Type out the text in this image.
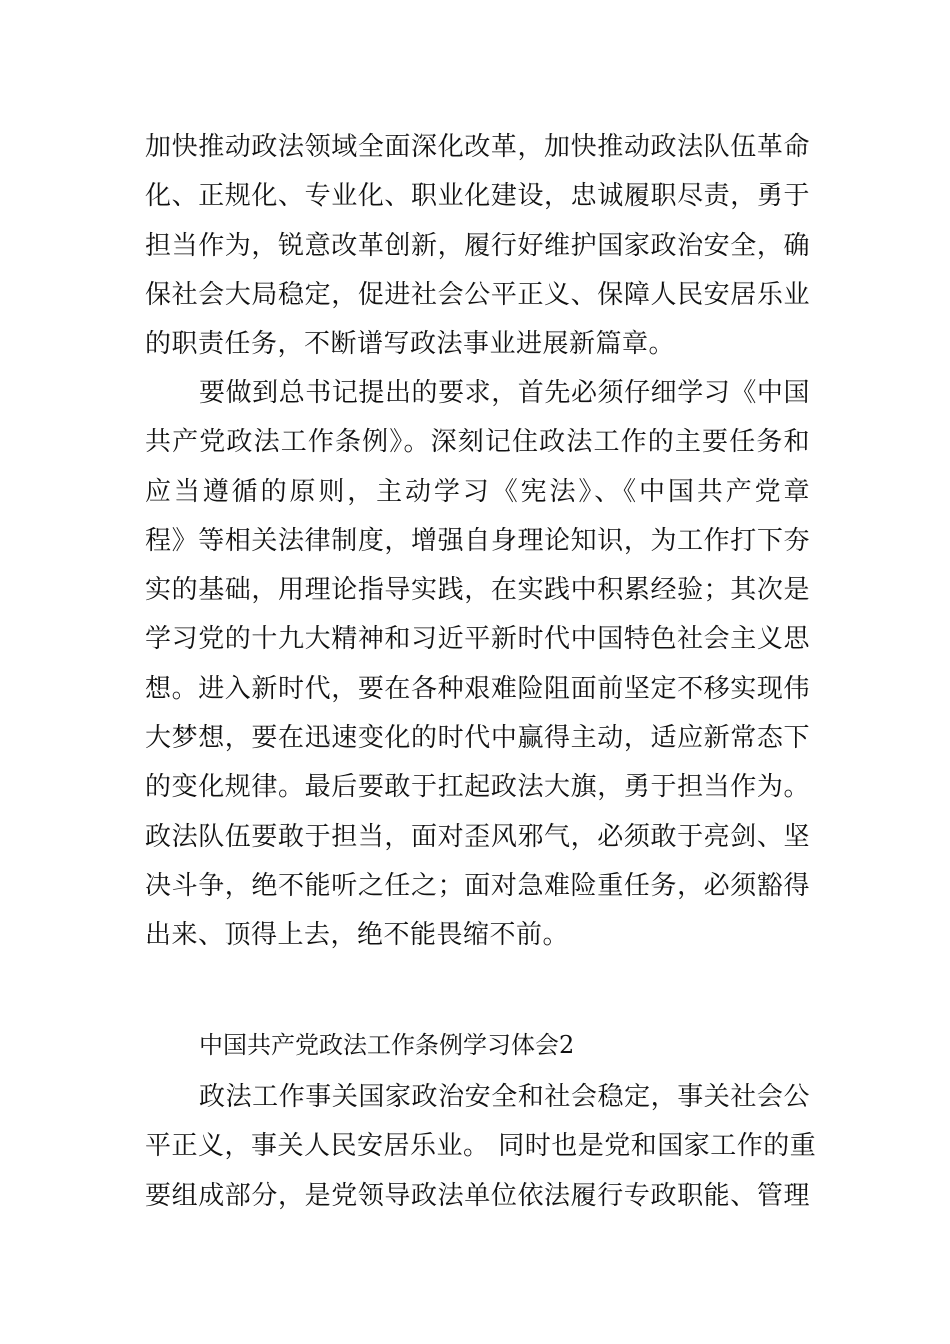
加快推动政法领域全面深化改革，加快推动政法队伍革命
化、正规化、专业化、职业化建设，忠诚履职尽责，勇于
担当作为，锐意改革创新，履行好维护国家政治安全，确
保社会大局稳定，促进社会公平正义、保障人民安居乐业
的职责任务，不断谱写政法事业进展新篇章。
要做到总书记提出的要求，首先必须仔细学习《中国
共产党政法工作条例》。深刻记住政法工作的主要任务和
应当遵循的原则，主动学习《宪法》、《中国共产党章
程》等相关法律制度，增强自身理论知识，为工作打下夯
实的基础，用理论指导实践，在实践中积累经验；其次是
学习党的十九大精神和习近平新时代中国特色社会主义思
想。进入新时代，要在各种艰难险阻面前坚定不移实现伟
大梦想，要在迅速变化的时代中赢得主动，适应新常态下
的变化规律。最后要敢于扛起政法大旗，勇于担当作为。
政法队伍要敢于担当，面对歪风邪气，必须敢于亮剑、坚
决斗争，绝不能听之任之；面对急难险重任务，必须豁得
出来、顶得上去，绝不能畏缩不前。
中国共产党政法工作条例学习体会2
政法工作事关国家政治安全和社会稳定，事关社会公
平正义，事关人民安居乐业。 同时也是党和国家工作的重
要组成部分，是党领导政法单位依法履行专政职能、管理
